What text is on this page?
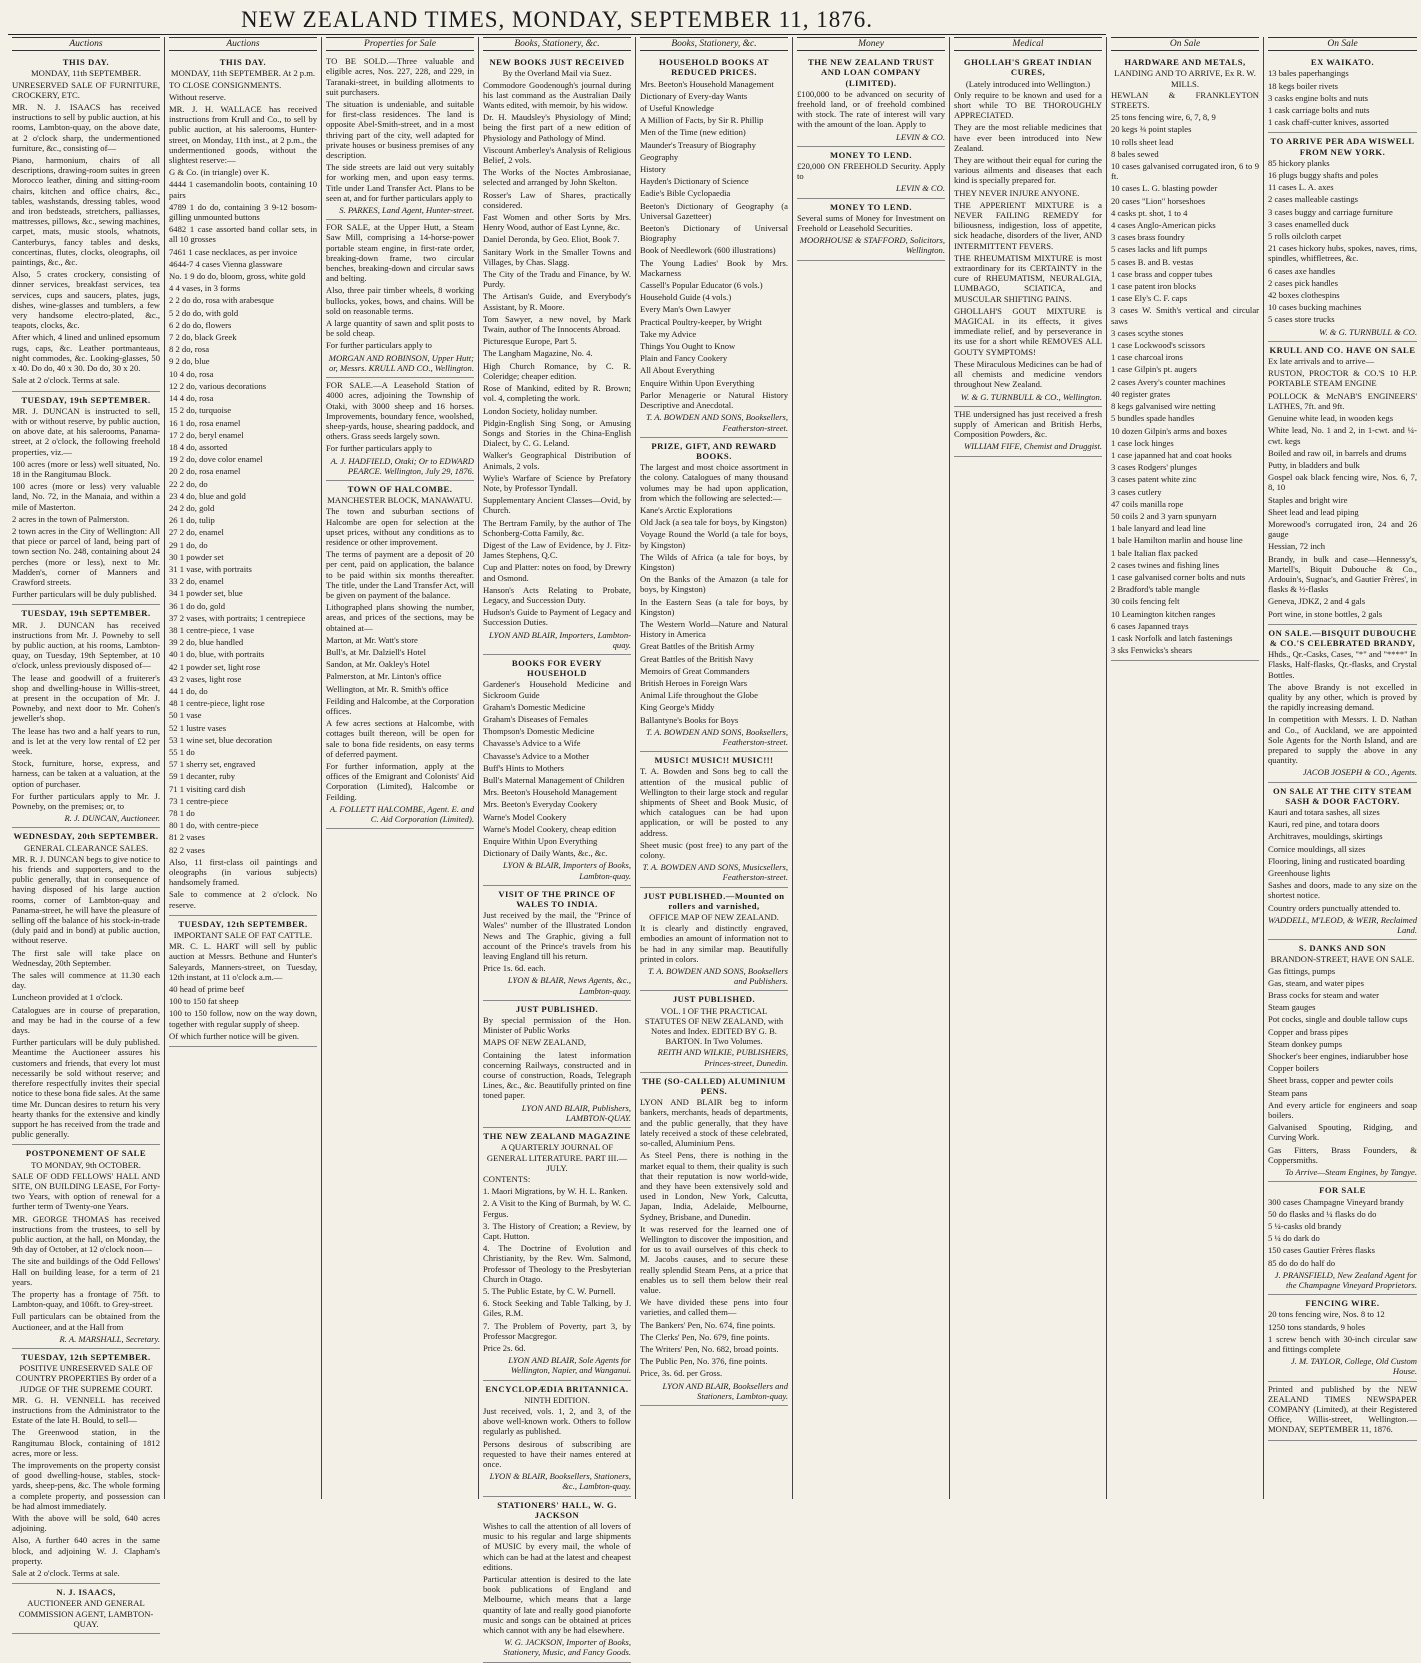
NEW ZEALAND TIMES, MONDAY, SEPTEMBER 11, 1876.
Auctions
THIS DAY.
MONDAY, 11th SEPTEMBER.

UNRESERVED SALE OF FURNITURE, CROCKERY, ETC.

MR. N. J. ISAACS has received instructions to sell by public auction, at his rooms, Lambton-quay, on the above date, at 2 o'clock sharp, the undermentioned furniture, &c., consisting of—

Piano, harmonium, chairs of all descriptions, drawing-room suites in green Morocco leather, dining and sitting-room chairs, kitchen and office chairs, &c., tables, washstands, dressing tables, wood and iron bedsteads, stretchers, palliasses, mattresses, pillows, &c., sewing machines, carpet, mats, music stools, whatnots, Canterburys, fancy tables and desks, concertinas, flutes, clocks, oleographs, oil paintings, &c., &c.

Also, 5 crates crockery, consisting of dinner services, breakfast services, tea services, cups and saucers, plates, jugs, dishes, wine-glasses and tumblers, a few very handsome electro-plated, &c., teapots, clocks, &c.

After which, 4 lined and unlined epsomum rugs, caps, &c. Leather portmanteaus, night commodes, &c. Looking-glasses, 50 x 40. Do do, 40 x 30. Do do, 30 x 20.

Sale at 2 o'clock. Terms at sale.

TUESDAY, 19th SEPTEMBER.

MR. J. DUNCAN is instructed to sell, with or without reserve, by public auction, on above date, at his salerooms, Panama-street, at 2 o'clock, the following freehold properties, viz.—

100 acres (more or less) well situated, No. 18 in the Rangitumau Block.

100 acres (more or less) very valuable land, No. 72, in the Manaia, and within a mile of Masterton.

2 acres in the town of Palmerston.

2 town acres in the City of Wellington: All that piece or parcel of land, being part of town section No. 248, containing about 24 perches (more or less), next to Mr. Madden's, corner of Manners and Crawford streets.

Further particulars will be duly published.

TUESDAY, 19th SEPTEMBER.

MR. J. DUNCAN has received instructions from Mr. J. Powneby to sell by public auction, at his rooms, Lambton-quay, on Tuesday, 19th September, at 10 o'clock, unless previously disposed of—

The lease and goodwill of a fruiterer's shop and dwelling-house in Willis-street, at present in the occupation of Mr. J. Powneby, and next door to Mr. Cohen's jeweller's shop.

The lease has two and a half years to run, and is let at the very low rental of £2 per week.

Stock, furniture, horse, express, and harness, can be taken at a valuation, at the option of purchaser.

For further particulars apply to Mr. J. Powneby, on the premises; or, to

R. J. DUNCAN, Auctioneer.
WEDNESDAY, 20th SEPTEMBER.
GENERAL CLEARANCE SALES.

MR. R. J. DUNCAN begs to give notice to his friends and supporters, and to the public generally, that in consequence of having disposed of his large auction rooms, corner of Lambton-quay and Panama-street, he will have the pleasure of selling off the balance of his stock-in-trade (duly paid and in bond) at public auction, without reserve.

The first sale will take place on Wednesday, 20th September.

The sales will commence at 11.30 each day.

Luncheon provided at 1 o'clock.

Catalogues are in course of preparation, and may be had in the course of a few days.

Further particulars will be duly published. Meantime the Auctioneer assures his customers and friends, that every lot must necessarily be sold without reserve; and therefore respectfully invites their special notice to these bona fide sales. At the same time Mr. Duncan desires to return his very hearty thanks for the extensive and kindly support he has received from the trade and public generally.

POSTPONEMENT OF SALE
TO MONDAY, 9th OCTOBER.

SALE OF ODD FELLOWS' HALL AND SITE, ON BUILDING LEASE, For Forty-two Years, with option of renewal for a further term of Twenty-one Years.

MR. GEORGE THOMAS has received instructions from the trustees, to sell by public auction, at the hall, on Monday, the 9th day of October, at 12 o'clock noon—

The site and buildings of the Odd Fellows' Hall on building lease, for a term of 21 years.

The property has a frontage of 75ft. to Lambton-quay, and 106ft. to Grey-street.

Full particulars can be obtained from the Auctioneer, and at the Hall from

R. A. MARSHALL, Secretary.
TUESDAY, 12th SEPTEMBER.
POSITIVE UNRESERVED SALE OF COUNTRY PROPERTIES By order of a JUDGE OF THE SUPREME COURT.

MR. G. H. VENNELL has received instructions from the Administrator to the Estate of the late H. Bould, to sell—

The Greenwood station, in the Rangitumau Block, containing of 1812 acres, more or less.

The improvements on the property consist of good dwelling-house, stables, stock-yards, sheep-pens, &c. The whole forming a complete property, and possession can be had almost immediately.

With the above will be sold, 640 acres adjoining.

Also, A further 640 acres in the same block, and adjoining W. J. Clapham's property.

Sale at 2 o'clock. Terms at sale.

N. J. ISAACS,
AUCTIONEER AND GENERAL COMMISSION AGENT, LAMBTON-QUAY.
Auctions
THIS DAY.
MONDAY, 11th SEPTEMBER. At 2 p.m.

TO CLOSE CONSIGNMENTS.

Without reserve.

MR. J. H. WALLACE has received instructions from Krull and Co., to sell by public auction, at his salerooms, Hunter-street, on Monday, 11th inst., at 2 p.m., the undermentioned goods, without the slightest reserve:—

G & Co. (in triangle) over K.

4444 1 casemandolin boots, containing 10 pairs

4789 1 do do, containing 3 9-12 bosom-gilling unmounted buttons

6482 1 case assorted band collar sets, in all 10 grosses

7461 1 case necklaces, as per invoice

4644-7 4 cases Vienna glassware

No. 1 9 do do, bloom, gross, white gold

4 4 vases, in 3 forms

2 2 do do, rosa with arabesque

5 2 do do, with gold

6 2 do do, flowers

7 2 do, black Greek

8 2 do, rosa

9 2 do, blue

10 4 do, rosa

12 2 do, various decorations

14 4 do, rosa

15 2 do, turquoise

16 1 do, rosa enamel

17 2 do, beryl enamel

18 4 do, assorted

19 2 do, dove color enamel

20 2 do, rosa enamel

22 2 do, do

23 4 do, blue and gold

24 2 do, gold

26 1 do, tulip

27 2 do, enamel

29 1 do, do

30 1 powder set

31 1 vase, with portraits

33 2 do, enamel

34 1 powder set, blue

36 1 do do, gold

37 2 vases, with portraits; 1 centrepiece

38 1 centre-piece, 1 vase

39 2 do, blue handled

40 1 do, blue, with portraits

42 1 powder set, light rose

43 2 vases, light rose

44 1 do, do

48 1 centre-piece, light rose

50 1 vase

52 1 lustre vases

53 1 wine set, blue decoration

55 1 do

57 1 sherry set, engraved

59 1 decanter, ruby

71 1 visiting card dish

73 1 centre-piece

78 1 do

80 1 do, with centre-piece

81 2 vases

82 2 vases

Also, 11 first-class oil paintings and oleographs (in various subjects) handsomely framed.

Sale to commence at 2 o'clock. No reserve.

TUESDAY, 12th SEPTEMBER.
IMPORTANT SALE OF FAT CATTLE.

MR. C. L. HART will sell by public auction at Messrs. Bethune and Hunter's Saleyards, Manners-street, on Tuesday, 12th instant, at 11 o'clock a.m.—

40 head of prime beef

100 to 150 fat sheep

100 to 150 follow, now on the way down, together with regular supply of sheep.

Of which further notice will be given.

Properties for Sale

TO BE SOLD.—Three valuable and eligible acres, Nos. 227, 228, and 229, in Taranaki-street, in building allotments to suit purchasers.

The situation is undeniable, and suitable for first-class residences. The land is opposite Abel-Smith-street, and in a most thriving part of the city, well adapted for private houses or business premises of any description.

The side streets are laid out very suitably for working men, and upon easy terms. Title under Land Transfer Act. Plans to be seen at, and for further particulars apply to

S. PARKES, Land Agent, Hunter-street.

FOR SALE, at the Upper Hutt, a Steam Saw Mill, comprising a 14-horse-power portable steam engine, in first-rate order, breaking-down frame, two circular benches, breaking-down and circular saws and belting.

Also, three pair timber wheels, 8 working bullocks, yokes, bows, and chains. Will be sold on reasonable terms.

A large quantity of sawn and split posts to be sold cheap.

For further particulars apply to

MORGAN AND ROBINSON, Upper Hutt; or, Messrs. KRULL AND CO., Wellington.

FOR SALE.—A Leasehold Station of 4000 acres, adjoining the Township of Otaki, with 3000 sheep and 16 horses. Improvements, boundary fence, woolshed, sheep-yards, house, shearing paddock, and others. Grass seeds largely sown.

For further particulars apply to

A. J. HADFIELD, Otaki; Or to EDWARD PEARCE. Wellington, July 29, 1876.
TOWN OF HALCOMBE.
MANCHESTER BLOCK, MANAWATU.

The town and suburban sections of Halcombe are open for selection at the upset prices, without any conditions as to residence or other improvement.

The terms of payment are a deposit of 20 per cent, paid on application, the balance to be paid within six months thereafter. The title, under the Land Transfer Act, will be given on payment of the balance.

Lithographed plans showing the number, areas, and prices of the sections, may be obtained at—

Marton, at Mr. Watt's store

Bull's, at Mr. Dalziell's Hotel

Sandon, at Mr. Oakley's Hotel

Palmerston, at Mr. Linton's office

Wellington, at Mr. R. Smith's office

Feilding and Halcombe, at the Corporation offices.

A few acres sections at Halcombe, with cottages built thereon, will be open for sale to bona fide residents, on easy terms of deferred payment.

For further information, apply at the offices of the Emigrant and Colonists' Aid Corporation (Limited), Halcombe or Feilding.

A. FOLLETT HALCOMBE, Agent. E. and C. Aid Corporation (Limited).
Books, Stationery, &c.
NEW BOOKS JUST RECEIVED
By the Overland Mail via Suez.

Commodore Goodenough's journal during his last command as the Australian Daily Wants edited, with memoir, by his widow.

Dr. H. Maudsley's Physiology of Mind; being the first part of a new edition of Physiology and Pathology of Mind.

Viscount Amberley's Analysis of Religious Belief, 2 vols.

The Works of the Noctes Ambrosianae, selected and arranged by John Skelton.

Rosser's Law of Shares, practically considered.

Fast Women and other Sorts by Mrs. Henry Wood, author of East Lynne, &c.

Daniel Deronda, by Geo. Eliot, Book 7.

Sanitary Work in the Smaller Towns and Villages, by Chas. Slagg.

The City of the Tradu and Finance, by W. Purdy.

The Artisan's Guide, and Everybody's Assistant, by R. Moore.

Tom Sawyer, a new novel, by Mark Twain, author of The Innocents Abroad.

Picturesque Europe, Part 5.

The Langham Magazine, No. 4.

High Church Romance, by C. R. Coleridge; cheaper edition.

Rose of Mankind, edited by R. Brown; vol. 4, completing the work.

London Society, holiday number.

Pidgin-English Sing Song, or Amusing Songs and Stories in the China-English Dialect, by C. G. Leland.

Walker's Geographical Distribution of Animals, 2 vols.

Wylie's Warfare of Science by Prefatory Note, by Professor Tyndall.

Supplementary Ancient Classes—Ovid, by Church.

The Bertram Family, by the author of The Schonberg-Cotta Family, &c.

Digest of the Law of Evidence, by J. Fitz-James Stephens, Q.C.

Cup and Platter: notes on food, by Drewry and Osmond.

Hanson's Acts Relating to Probate, Legacy, and Succession Duty.

Hudson's Guide to Payment of Legacy and Succession Duties.

LYON AND BLAIR, Importers, Lambton-quay.
BOOKS FOR EVERY HOUSEHOLD

Gardener's Household Medicine and Sickroom Guide

Graham's Domestic Medicine

Graham's Diseases of Females

Thompson's Domestic Medicine

Chavasse's Advice to a Wife

Chavasse's Advice to a Mother

Buff's Hints to Mothers

Bull's Maternal Management of Children

Mrs. Beeton's Household Management

Mrs. Beeton's Everyday Cookery

Warne's Model Cookery

Warne's Model Cookery, cheap edition

Enquire Within Upon Everything

Dictionary of Daily Wants, &c., &c.

LYON & BLAIR, Importers of Books, Lambton-quay.
VISIT OF THE PRINCE OF WALES TO INDIA.

Just received by the mail, the "Prince of Wales" number of the Illustrated London News and The Graphic, giving a full account of the Prince's travels from his leaving England till his return.

Price 1s. 6d. each.

LYON & BLAIR, News Agents, &c., Lambton-quay.
JUST PUBLISHED.

By special permission of the Hon. Minister of Public Works

MAPS OF NEW ZEALAND,

Containing the latest information concerning Railways, constructed and in course of construction, Roads, Telegraph Lines, &c., &c. Beautifully printed on fine toned paper.

LYON AND BLAIR, Publishers, LAMBTON-QUAY.
THE NEW ZEALAND MAGAZINE
A QUARTERLY JOURNAL OF GENERAL LITERATURE. PART III.—JULY.

CONTENTS:

1. Maori Migrations, by W. H. L. Ranken.

2. A Visit to the King of Burmah, by W. C. Fergus.

3. The History of Creation; a Review, by Capt. Hutton.

4. The Doctrine of Evolution and Christianity, by the Rev. Wm. Salmond, Professor of Theology to the Presbyterian Church in Otago.

5. The Public Estate, by C. W. Purnell.

6. Stock Seeking and Table Talking, by J. Giles, R.M.

7. The Problem of Poverty, part 3, by Professor Macgregor.

Price 2s. 6d.

LYON AND BLAIR, Sole Agents for Wellington, Napier, and Wanganui.
ENCYCLOPÆDIA BRITANNICA.
NINTH EDITION.

Just received, vols. 1, 2, and 3, of the above well-known work. Others to follow regularly as published.

Persons desirous of subscribing are requested to have their names entered at once.

LYON & BLAIR, Booksellers, Stationers, &c., Lambton-quay.
STATIONERS' HALL, W. G. JACKSON

Wishes to call the attention of all lovers of music to his regular and large shipments of MUSIC by every mail, the whole of which can be had at the latest and cheapest editions.

Particular attention is desired to the late book publications of England and Melbourne, which means that a large quantity of late and really good pianoforte music and songs can be obtained at prices which cannot with any be had elsewhere.

W. G. JACKSON, Importer of Books, Stationery, Music, and Fancy Goods.
Books, Stationery, &c.
HOUSEHOLD BOOKS AT REDUCED PRICES.

Mrs. Beeton's Household Management

Dictionary of Every-day Wants

of Useful Knowledge

A Million of Facts, by Sir R. Phillip

Men of the Time (new edition)

Maunder's Treasury of Biography

Geography

History

Hayden's Dictionary of Science

Eadie's Bible Cyclopaedia

Beeton's Dictionary of Geography (a Universal Gazetteer)

Beeton's Dictionary of Universal Biography

Book of Needlework (600 illustrations)

The Young Ladies' Book by Mrs. Mackarness

Cassell's Popular Educator (6 vols.)

Household Guide (4 vols.)

Every Man's Own Lawyer

Practical Poultry-keeper, by Wright

Take my Advice

Things You Ought to Know

Plain and Fancy Cookery

All About Everything

Enquire Within Upon Everything

Parlor Menagerie or Natural History Descriptive and Anecdotal.

T. A. BOWDEN AND SONS, Booksellers, Featherston-street.
PRIZE, GIFT, AND REWARD BOOKS.

The largest and most choice assortment in the colony. Catalogues of many thousand volumes may be had upon application, from which the following are selected:—

Kane's Arctic Explorations

Old Jack (a sea tale for boys, by Kingston)

Voyage Round the World (a tale for boys, by Kingston)

The Wilds of Africa (a tale for boys, by Kingston)

On the Banks of the Amazon (a tale for boys, by Kingston)

In the Eastern Seas (a tale for boys, by Kingston)

The Western World—Nature and Natural History in America

Great Battles of the British Army

Great Battles of the British Navy

Memoirs of Great Commanders

British Heroes in Foreign Wars

Animal Life throughout the Globe

King George's Middy

Ballantyne's Books for Boys

T. A. BOWDEN AND SONS, Booksellers, Featherston-street.
MUSIC! MUSIC!! MUSIC!!!

T. A. Bowden and Sons beg to call the attention of the musical public of Wellington to their large stock and regular shipments of Sheet and Book Music, of which catalogues can be had upon application, or will be posted to any address.

Sheet music (post free) to any part of the colony.

T. A. BOWDEN AND SONS, Musicsellers, Featherston-street.
JUST PUBLISHED.—Mounted on rollers and varnished,
OFFICE MAP OF NEW ZEALAND.

It is clearly and distinctly engraved, embodies an amount of information not to be had in any similar map. Beautifully printed in colors.

T. A. BOWDEN AND SONS, Booksellers and Publishers.
JUST PUBLISHED.
VOL. I OF THE PRACTICAL STATUTES OF NEW ZEALAND, with Notes and Index. EDITED BY G. B. BARTON. In Two Volumes.
REITH AND WILKIE, PUBLISHERS, Princes-street, Dunedin.
THE (SO-CALLED) ALUMINIUM PENS.

LYON AND BLAIR beg to inform bankers, merchants, heads of departments, and the public generally, that they have lately received a stock of these celebrated, so-called, Aluminium Pens.

As Steel Pens, there is nothing in the market equal to them, their quality is such that their reputation is now world-wide, and they have been extensively sold and used in London, New York, Calcutta, Japan, India, Adelaide, Melbourne, Sydney, Brisbane, and Dunedin.

It was reserved for the learned one of Wellington to discover the imposition, and for us to avail ourselves of this check to M. Jacobs causes, and to secure these really splendid Steam Pens, at a price that enables us to sell them below their real value.

We have divided these pens into four varieties, and called them—

The Bankers' Pen, No. 674, fine points.

The Clerks' Pen, No. 679, fine points.

The Writers' Pen, No. 682, broad points.

The Public Pen, No. 376, fine points.

Price, 3s. 6d. per Gross.

LYON AND BLAIR, Booksellers and Stationers, Lambton-quay.
Money
THE NEW ZEALAND TRUST AND LOAN COMPANY (LIMITED).

£100,000 to be advanced on security of freehold land, or of freehold combined with stock. The rate of interest will vary with the amount of the loan. Apply to

LEVIN & CO.
MONEY TO LEND.

£20,000 ON FREEHOLD Security. Apply to

LEVIN & CO.
MONEY TO LEND.

Several sums of Money for Investment on Freehold or Leasehold Securities.

MOORHOUSE & STAFFORD, Solicitors, Wellington.
Medical
GHOLLAH'S GREAT INDIAN CURES,
(Lately introduced into Wellington.)

Only require to be known and used for a short while TO BE THOROUGHLY APPRECIATED.

They are the most reliable medicines that have ever been introduced into New Zealand.

They are without their equal for curing the various ailments and diseases that each kind is specially prepared for.

THEY NEVER INJURE ANYONE.

THE APPERIENT MIXTURE is a NEVER FAILING REMEDY for biliousness, indigestion, loss of appetite, sick headache, disorders of the liver, AND INTERMITTENT FEVERS.

THE RHEUMATISM MIXTURE is most extraordinary for its CERTAINTY in the cure of RHEUMATISM, NEURALGIA, LUMBAGO, SCIATICA, and MUSCULAR SHIFTING PAINS.

GHOLLAH'S GOUT MIXTURE is MAGICAL in its effects, it gives immediate relief, and by perseverance in its use for a short while REMOVES ALL GOUTY SYMPTOMS!

These Miraculous Medicines can be had of all chemists and medicine vendors throughout New Zealand.

W. & G. TURNBULL & CO., Wellington.

THE undersigned has just received a fresh supply of American and British Herbs, Composition Powders, &c.

WILLIAM FIFE, Chemist and Druggist.
On Sale
HARDWARE AND METALS,
LANDING AND TO ARRIVE, Ex R. W. MILLS.

HEWLAN & FRANKLEYTON STREETS.

25 tons fencing wire, 6, 7, 8, 9

20 kegs ⅜ point staples

10 rolls sheet lead

8 bales sewed

10 cases galvanised corrugated iron, 6 to 9 ft.

10 cases L. G. blasting powder

20 cases "Lion" horseshoes

4 casks pt. shot, 1 to 4

4 cases Anglo-American picks

3 cases brass foundry

5 cases lacks and lift pumps

5 cases B. and B. vestas

1 case brass and copper tubes

1 case patent iron blocks

1 case Ely's C. F. caps

3 cases W. Smith's vertical and circular saws

3 cases scythe stones

1 case Lockwood's scissors

1 case charcoal irons

1 case Gilpin's pt. augers

2 cases Avery's counter machines

40 register grates

8 kegs galvanised wire netting

5 bundles spade handles

10 dozen Gilpin's arms and boxes

1 case lock hinges

1 case japanned hat and coat hooks

3 cases Rodgers' plunges

3 cases patent white zinc

3 cases cutlery

47 coils manilla rope

50 coils 2 and 3 yarn spunyarn

1 bale lanyard and lead line

1 bale Hamilton marlin and house line

1 bale Italian flax packed

2 cases twines and fishing lines

1 case galvanised corner bolts and nuts

2 Bradford's table mangle

30 coils fencing felt

10 Leamington kitchen ranges

6 cases Japanned trays

1 cask Norfolk and latch fastenings

3 sks Fenwicks's shears

On Sale
EX WAIKATO.

13 bales paperhangings

18 kegs boiler rivets

3 casks engine bolts and nuts

1 cask carriage bolts and nuts

1 cask chaff-cutter knives, assorted

TO ARRIVE PER ADA WISWELL FROM NEW YORK.

85 hickory planks

16 plugs buggy shafts and poles

11 cases L. A. axes

2 cases malleable castings

3 cases buggy and carriage furniture

3 cases enamelled duck

5 rolls oilcloth carpet

21 cases hickory hubs, spokes, naves, rims, spindles, whiffletrees, &c.

6 cases axe handles

2 cases pick handles

42 boxes clothespins

10 cases bucking machines

5 cases store trucks

W. & G. TURNBULL & CO.
KRULL AND CO. HAVE ON SALE

Ex late arrivals and to arrive—

RUSTON, PROCTOR & CO.'S 10 H.P. PORTABLE STEAM ENGINE

POLLOCK & McNAB'S ENGINEERS' LATHES, 7ft. and 9ft.

Genuine white lead, in wooden kegs

White lead, No. 1 and 2, in 1-cwt. and ¼-cwt. kegs

Boiled and raw oil, in barrels and drums

Putty, in bladders and bulk

Gospel oak black fencing wire, Nos. 6, 7, 8, 10

Staples and bright wire

Sheet lead and lead piping

Morewood's corrugated iron, 24 and 26 gauge

Hessian, 72 inch

Brandy, in bulk and case—Hennessy's, Martell's, Biquit Dubouche & Co., Ardouin's, Sugnac's, and Gautier Frères', in flasks & ½-flasks

Geneva, JDKZ, 2 and 4 gals

Port wine, in stone bottles, 2 gals

ON SALE.—BISQUIT DUBOUCHE & CO.'S CELEBRATED BRANDY,

Hhds., Qr.-Casks, Cases, "*" and "****" In Flasks, Half-flasks, Qr.-flasks, and Crystal Bottles.

The above Brandy is not excelled in quality by any other, which is proved by the rapidly increasing demand.

In competition with Messrs. I. D. Nathan and Co., of Auckland, we are appointed Sole Agents for the North Island, and are prepared to supply the above in any quantity.

JACOB JOSEPH & CO., Agents.
ON SALE AT THE CITY STEAM SASH & DOOR FACTORY.

Kauri and totara sashes, all sizes

Kauri, red pine, and totara doors

Architraves, mouldings, skirtings

Cornice mouldings, all sizes

Flooring, lining and rusticated boarding

Greenhouse lights

Sashes and doors, made to any size on the shortest notice.

Country orders punctually attended to.

WADDELL, M'LEOD, & WEIR, Reclaimed Land.
S. DANKS AND SON
BRANDON-STREET, HAVE ON SALE.

Gas fittings, pumps

Gas, steam, and water pipes

Brass cocks for steam and water

Steam gauges

Pot cocks, single and double tallow cups

Copper and brass pipes

Steam donkey pumps

Shocker's beer engines, indiarubber hose

Copper boilers

Sheet brass, copper and pewter coils

Steam pans

And every article for engineers and soap boilers.

Galvanised Spouting, Ridging, and Curving Work.

Gas Fitters, Brass Founders, & Coppersmiths.

To Arrive—Steam Engines, by Tangye.
FOR SALE

300 cases Champagne Vineyard brandy

50 do flasks and ¼ flasks do do

5 ¼-casks old brandy

5 ¼ do dark do

150 cases Gautier Frères flasks

85 do do do half do

J. PRANSFIELD, New Zealand Agent for the Champagne Vineyard Proprietors.
FENCING WIRE.

20 tons fencing wire, Nos. 8 to 12

1250 tons standards, 9 holes

1 screw bench with 30-inch circular saw and fittings complete

J. M. TAYLOR, College, Old Custom House.

Printed and published by the NEW ZEALAND TIMES NEWSPAPER COMPANY (Limited), at their Registered Office, Willis-street, Wellington.—MONDAY, SEPTEMBER 11, 1876.
